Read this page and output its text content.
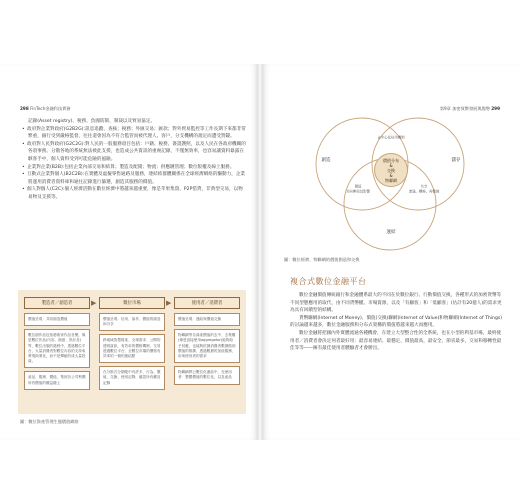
298 FinTech金融科技實務	第9章 加密貨幣發展與趨勢 299

記錄(Asset registry)、稅務、負國防制、制裁以及貿易協定。

• 政府對企業對政府(G2B2G):訊息追蹤、查核；稅務；外匯交易；匯款；對外貿易監控等工作長期下來都非常繁重，銀行受到嚴格監督，往往還會因為不符合監管而被代理人、客戶，分支機構的規定而遭受罰鍰。

• 政府對人民對政府(G2C2G):對人民的一般服務項目包括：戶籍、稅務、簽證護照，以及人民在各政府機關的各項事務。分散各地的系統無法被此支援，也造成公共資訊的重複記錄，不僅無效率，也容易讓資料暴露在駭客手中，個人資料受到可能危險的風險。

• 企業對企業(B2B):包括企業內部交易和結算；製造及配銷；物流；供應鏈管理；數位版權及線上服務。

• 互動式企業對個人(B2C2B):在實體及虛擬零售通路及服務，連結結群體關係在全球經濟網絡的驅動力，企業將運用消費者資料庫和通往記錄進行篩選，創造其服務的價值。

• 個人對個人(C2C):個人經濟活動在數位經濟中將越來越重要，像是苹果集資、P2P借貸，非典型交易，以物易物及支援等。

製造者／創造者
價值呈現：共同創造價值
數位創作品包括藝術家作品音樂，像是數位作品(內容、創意、設計及)等，數位出版的過程中，透過數位平台，大量消費者對數位內容的支持來實現商業化，而不是傳統的成大量投資。
產品、服務、價值，集到各公司利潤所有價值的權益鏈上
▶	數位市場
價值呈現：信用、協作、價值的創造和分享
跨地域智慧財產、全球需求、公開的透明資訊，有效率的價格機制、交易透過數位平台，全數位市場的價格有效率的一個的連結點
在分散式分類帳中有許多、行為、價值、交換、使用記錄，確認所有權及記錄
▶	使用者／消費者
價值呈現：連結與價值交換
物聯網等各資產價值的去中、去集權(像是直接使用aggregator)能夠給予回應，也能夠依據消費者數據做到價值的推廣、透過數據的加值服務，用來使用者的需求
物聯網將已數位化連結中，在使用者：整體價值的數位化，以及產品
圖：數位資產管理生態價值網絡
創造	儲存
運結
去中心化信用機制
價值
共同參與其影響
共享
流通、轉換、再數據
價值分布
&
交換
&
物聯網
圖：數位經濟、物聯網的價值創造和交換
複合式數位金融平台

數位金融價值傳統銀行和金融體系最大的不同在於數位銀行、行動價值交換，各種形式的加密貨幣等不同型態應用的取代，由不同貨幣權、市場資源，以及「有顧客」和「低顧客」(估計有20億人)的需求更為具有回饋型的結構。

貨幣聯網(Internet of Money)、價值(交換)聯網(Internet of Value)和物聯網(Internet of Things)的討論越來越多，數位金融服務和分布式架構的價值將越來越大而應用。

數位金融將把國內外實體流通各種機會，在建立大型整合性的全系統，也在小型的利基市場，最終使用者／消費者會決定何者最好用：最容易連結、最穩定、價值最高，最安全、節省最多，交易和移轉性最佳等等——擁有最佳使用者體驗者才會勝出。
